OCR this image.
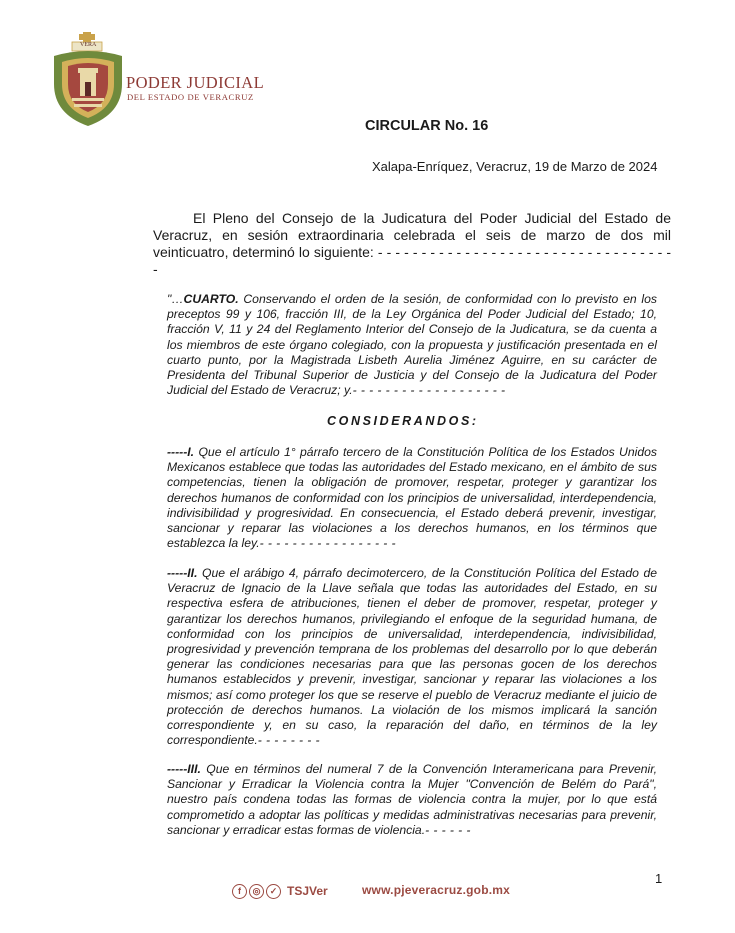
VERA
PODER JUDICIAL
DEL ESTADO DE VERACRUZ
CIRCULAR No. 16
Xalapa-Enríquez, Veracruz, 19 de Marzo de 2024

El Pleno del Consejo de la Judicatura del Poder Judicial del Estado de Veracruz, en sesión extraordinaria celebrada el seis de marzo de dos mil veinticuatro, determinó lo siguiente: - - - - - - - - - - - - - - - - - - - - - - - - - - - - - - - - - - -

"…CUARTO. Conservando el orden de la sesión, de conformidad con lo previsto en los preceptos 99 y 106, fracción III, de la Ley Orgánica del Poder Judicial del Estado; 10, fracción V, 11 y 24 del Reglamento Interior del Consejo de la Judicatura, se da cuenta a los miembros de este órgano colegiado, con la propuesta y justificación presentada en el cuarto punto, por la Magistrada Lisbeth Aurelia Jiménez Aguirre, en su carácter de Presidenta del Tribunal Superior de Justicia y del Consejo de la Judicatura del Poder Judicial del Estado de Veracruz; y.- - - - - - - - - - - - - - - - - - -

CONSIDERANDOS:

-----I. Que el artículo 1° párrafo tercero de la Constitución Política de los Estados Unidos Mexicanos establece que todas las autoridades del Estado mexicano, en el ámbito de sus competencias, tienen la obligación de promover, respetar, proteger y garantizar los derechos humanos de conformidad con los principios de universalidad, interdependencia, indivisibilidad y progresividad. En consecuencia, el Estado deberá prevenir, investigar, sancionar y reparar las violaciones a los derechos humanos, en los términos que establezca la ley.- - - - - - - - - - - - - - - - -

-----II. Que el arábigo 4, párrafo decimotercero, de la Constitución Política del Estado de Veracruz de Ignacio de la Llave señala que todas las autoridades del Estado, en su respectiva esfera de atribuciones, tienen el deber de promover, respetar, proteger y garantizar los derechos humanos, privilegiando el enfoque de la seguridad humana, de conformidad con los principios de universalidad, interdependencia, indivisibilidad, progresividad y prevención temprana de los problemas del desarrollo por lo que deberán generar las condiciones necesarias para que las personas gocen de los derechos humanos establecidos y prevenir, investigar, sancionar y reparar las violaciones a los mismos; así como proteger los que se reserve el pueblo de Veracruz mediante el juicio de protección de derechos humanos. La violación de los mismos implicará la sanción correspondiente y, en su caso, la reparación del daño, en términos de la ley correspondiente.- - - - - - - -

-----III. Que en términos del numeral 7 de la Convención Interamericana para Prevenir, Sancionar y Erradicar la Violencia contra la Mujer "Convención de Belém do Pará", nuestro país condena todas las formas de violencia contra la mujer, por lo que está comprometido a adoptar las políticas y medidas administrativas necesarias para prevenir, sancionar y erradicar estas formas de violencia.- - - - - -

1
f	◎	✓ TSJVer	www.pjeveracruz.gob.mx
